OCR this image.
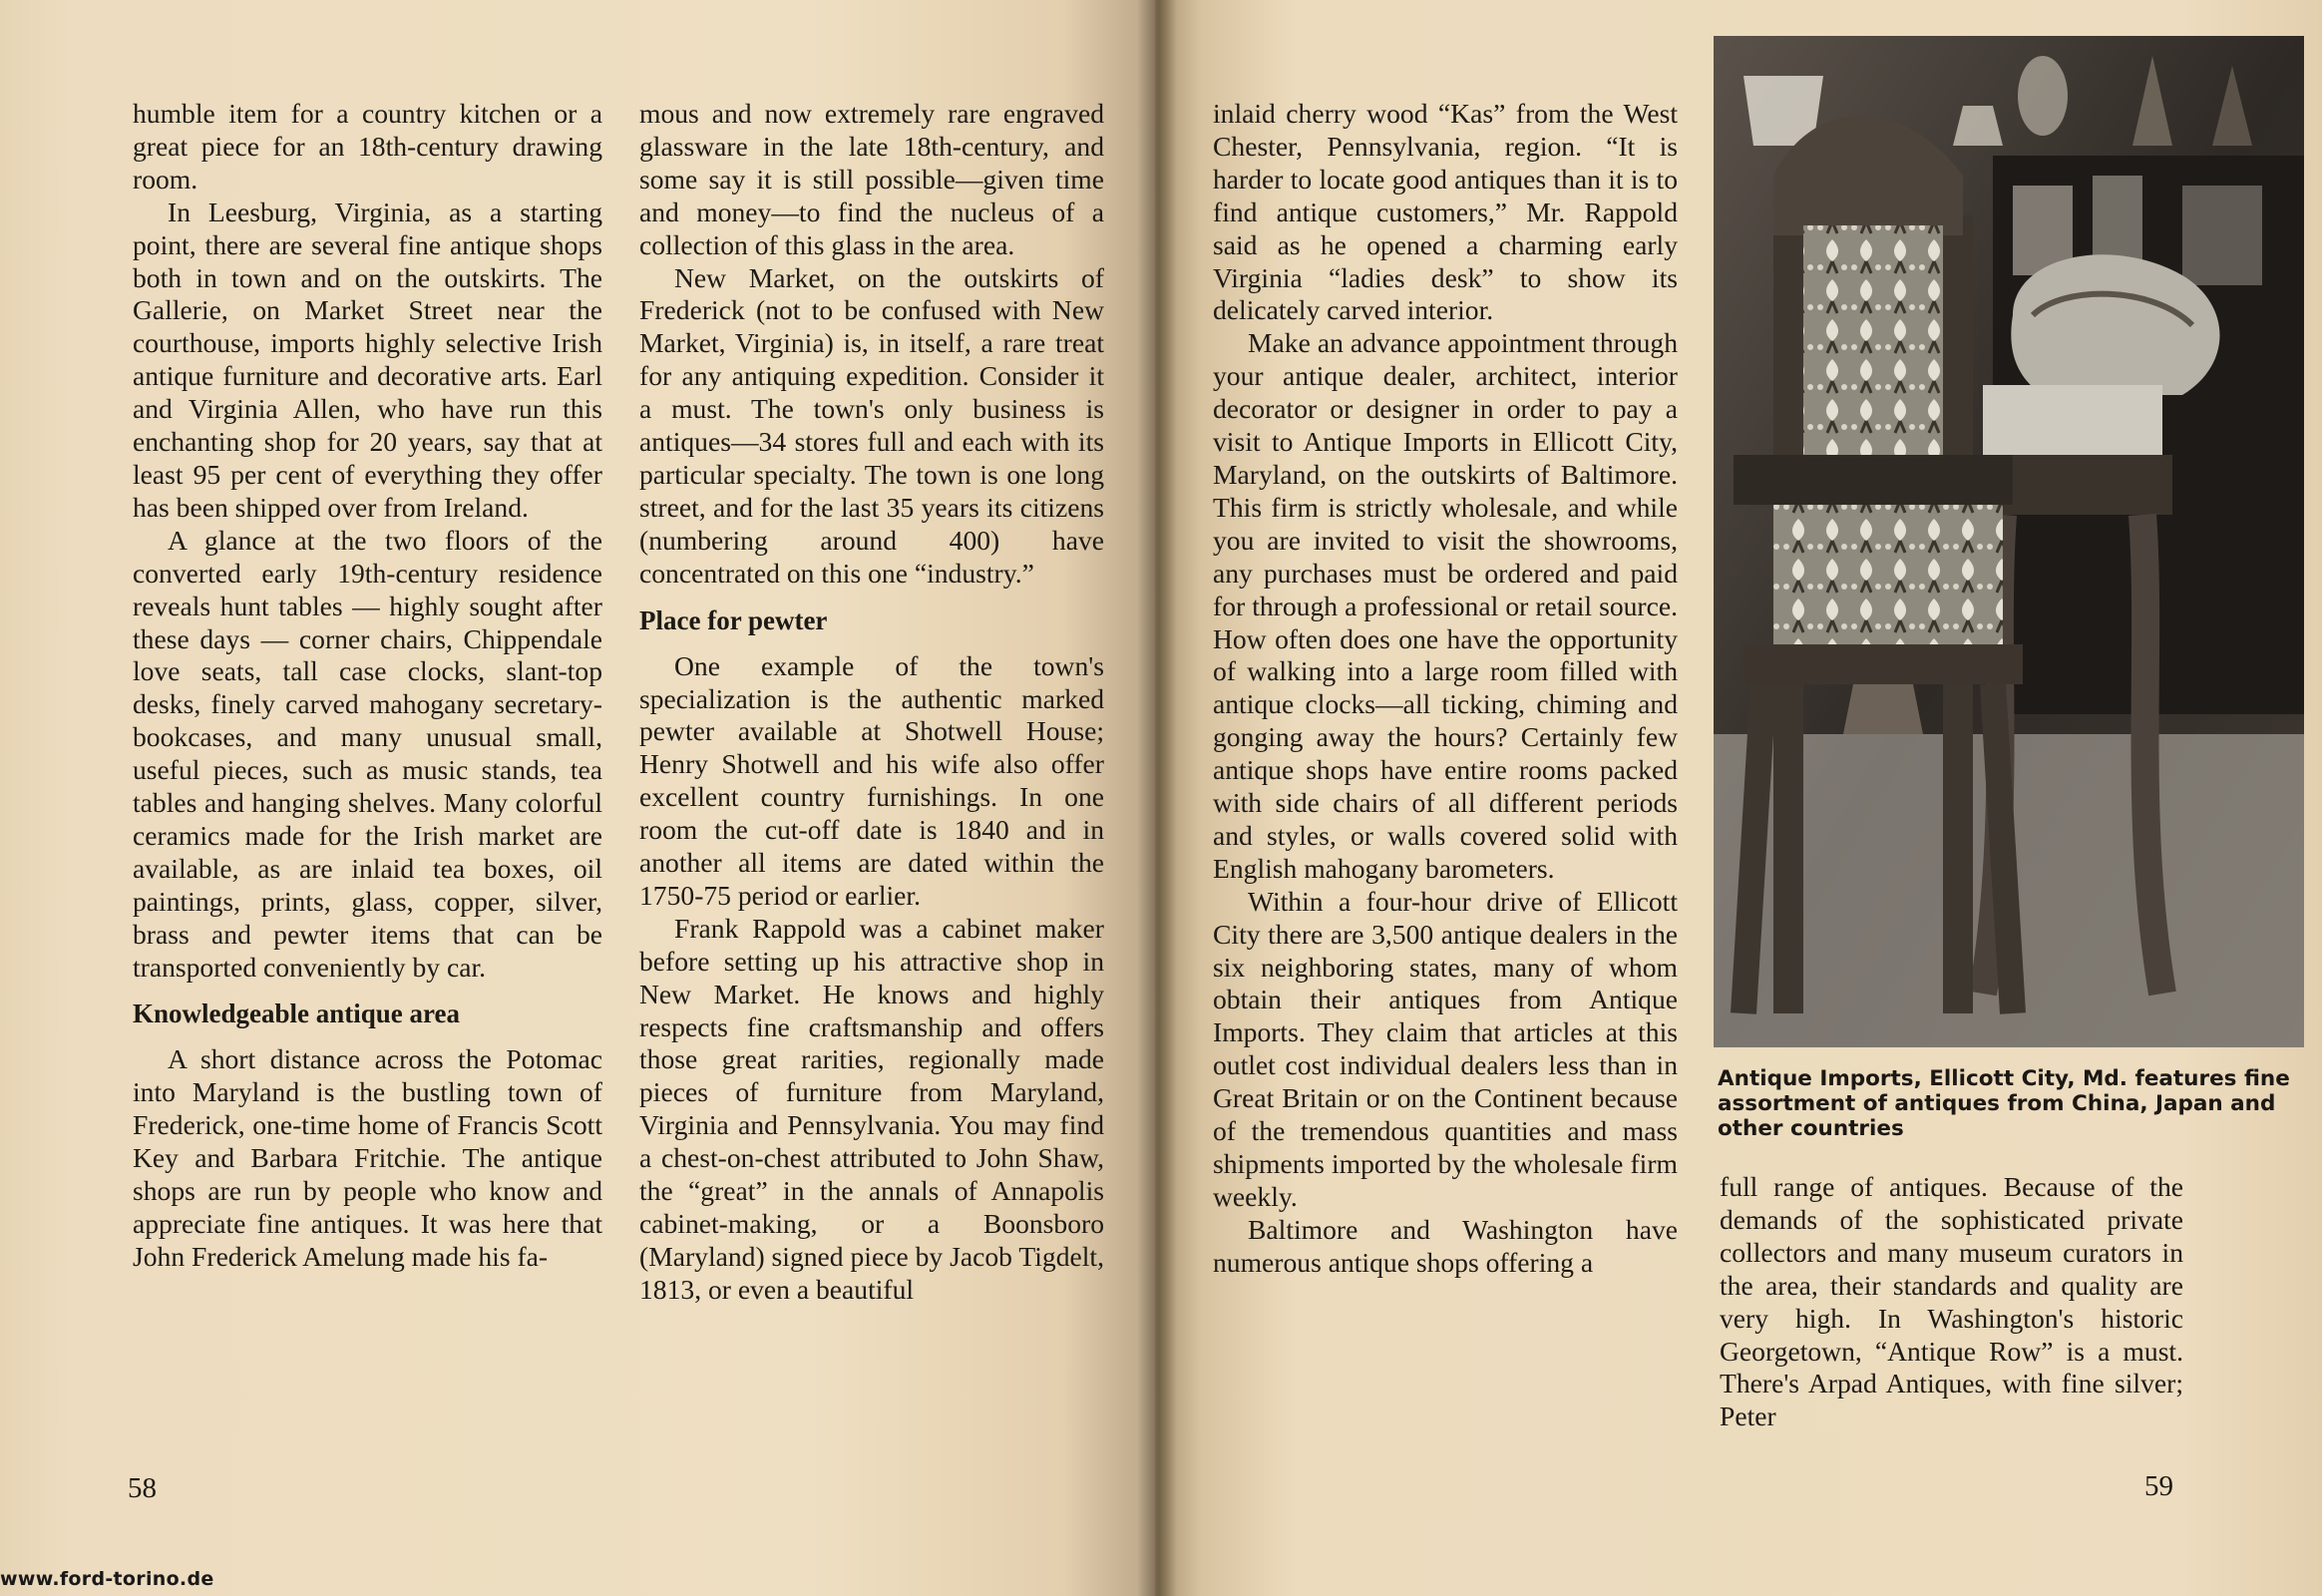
humble item for a country kitchen or a great piece for an 18th-century drawing room.

In Leesburg, Virginia, as a starting point, there are several fine antique shops both in town and on the outskirts. The Gallerie, on Market Street near the courthouse, imports highly selective Irish antique furniture and decorative arts. Earl and Virginia Allen, who have run this enchanting shop for 20 years, say that at least 95 per cent of everything they offer has been shipped over from Ireland.

A glance at the two floors of the converted early 19th-century residence reveals hunt tables — highly sought after these days — corner chairs, Chippendale love seats, tall case clocks, slant-top desks, finely carved mahogany secretary-bookcases, and many unusual small, useful pieces, such as music stands, tea tables and hanging shelves. Many colorful ceramics made for the Irish market are available, as are inlaid tea boxes, oil paintings, prints, glass, copper, silver, brass and pewter items that can be transported conveniently by car.

Knowledgeable antique area

A short distance across the Potomac into Maryland is the bustling town of Frederick, one-time home of Francis Scott Key and Barbara Fritchie. The antique shops are run by people who know and appreciate fine antiques. It was here that John Frederick Amelung made his fa-

mous and now extremely rare engraved glassware in the late 18th-century, and some say it is still possible—given time and money—to find the nucleus of a collection of this glass in the area.

New Market, on the outskirts of Frederick (not to be confused with New Market, Virginia) is, in itself, a rare treat for any antiquing expedition. Consider it a must. The town's only business is antiques—34 stores full and each with its particular specialty. The town is one long street, and for the last 35 years its citizens (numbering around 400) have concentrated on this one “industry.”

Place for pewter

One example of the town's specialization is the authentic marked pewter available at Shotwell House; Henry Shotwell and his wife also offer excellent country furnishings. In one room the cut-off date is 1840 and in another all items are dated within the 1750-75 period or earlier.

Frank Rappold was a cabinet maker before setting up his attractive shop in New Market. He knows and highly respects fine craftsmanship and offers those great rarities, regionally made pieces of furniture from Maryland, Virginia and Pennsylvania. You may find a chest-on-chest attributed to John Shaw, the “great” in the annals of Annapolis cabinet-making, or a Boonsboro (Maryland) signed piece by Jacob Tigdelt, 1813, or even a beautiful

58

inlaid cherry wood “Kas” from the West Chester, Pennsylvania, region. “It is harder to locate good antiques than it is to find antique customers,” Mr. Rappold said as he opened a charming early Virginia “ladies desk” to show its delicately carved interior.

Make an advance appointment through your antique dealer, architect, interior decorator or designer in order to pay a visit to Antique Imports in Ellicott City, Maryland, on the outskirts of Baltimore. This firm is strictly wholesale, and while you are invited to visit the showrooms, any purchases must be ordered and paid for through a professional or retail source. How often does one have the opportunity of walking into a large room filled with antique clocks—all ticking, chiming and gonging away the hours? Certainly few antique shops have entire rooms packed with side chairs of all different periods and styles, or walls covered solid with English mahogany barometers.

Within a four-hour drive of Ellicott City there are 3,500 antique dealers in the six neighboring states, many of whom obtain their antiques from Antique Imports. They claim that articles at this outlet cost individual dealers less than in Great Britain or on the Continent because of the tremendous quantities and mass shipments imported by the wholesale firm weekly.

Baltimore and Washington have numerous antique shops offering a

Antique Imports, Ellicott City, Md. features fine assortment of antiques from China, Japan and other countries

full range of antiques. Because of the demands of the sophisticated private collectors and many museum curators in the area, their standards and quality are very high. In Washington's historic Georgetown, “Antique Row” is a must. There's Arpad Antiques, with fine silver; Peter

59
www.ford-torino.de
